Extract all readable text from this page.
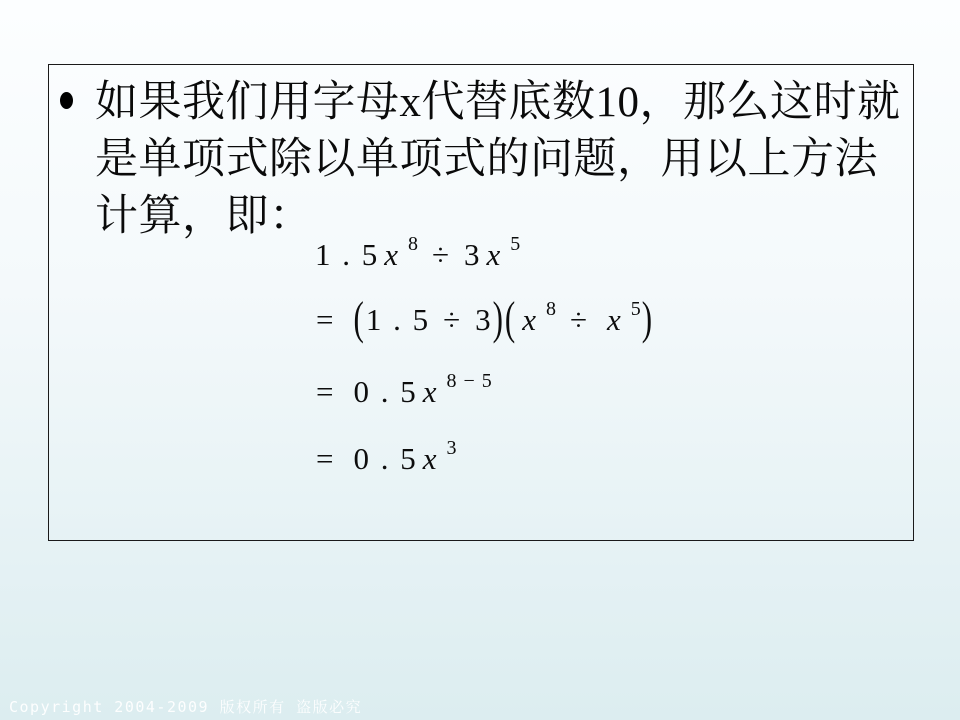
如果我们用字母x代替底数10，那么这时就
是单项式除以单项式的问题，用以上方法
计算，即：
1 . 5 x $^8$ ÷ 3 x $^5$
= (1 . 5 ÷ 3)( x $^8$ ÷ x $^5$)
= 0 . 5 x $^{8 - 5}$
= 0 . 5 x $^3$
Copyright 2004-2009 版权所有 盗版必究
